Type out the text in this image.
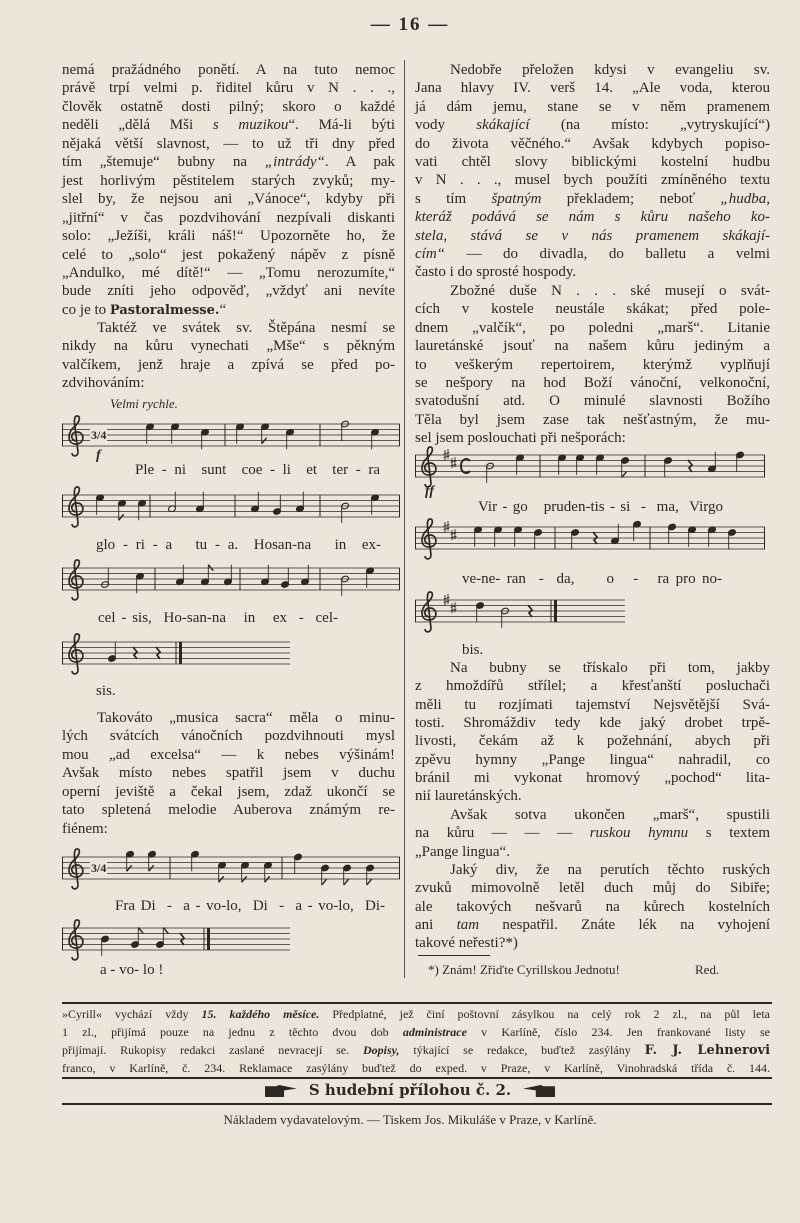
— 16 —
nemá pražádného ponětí. A na tuto nemoc
právě trpí velmi p. řiditel kůru v N . . .,
člověk ostatně dosti pilný; skoro o každé
neděli „dělá Mši s muzikou“. Má-li býti
nějaká větší slavnost, — to už tři dny před
tím „štemuje“ bubny na „intrády“. A pak
jest horlivým pěstitelem starých zvyků; my-
slel by, že nejsou ani „Vánoce“, kdyby při
„jitřní“ v čas pozdvihování nezpívali diskanti
solo: „Ježíši, králi náš!“ Upozorněte ho, že
celé to „solo“ jest pokažený nápěv z písně
„Andulko, mé dítě!“ — „Tomu nerozumíte,“
bude zníti jeho odpověď, „vždyť ani nevíte
co je to Pastoralmesse.“
Taktéž ve svátek sv. Štěpána nesmí se
nikdy na kůru vynechati „Mše“ s pěkným
valčíkem, jenž hraje a zpívá se před po-
zdvihováním:
Takováto „musica sacra“ měla o minu-
lých svátcích vánočních pozdvihnouti mysl
mou „ad excelsa“ — k nebes výšinám!
Avšak místo nebes spatřil jsem v duchu
operní jeviště a čekal jsem, zdaž ukončí se
tato spletená melodie Auberova známým re-
fiénem:
Nedobře přeložen kdysi v evangeliu sv.
Jana hlavy IV. verš 14. „Ale voda, kterou
já dám jemu, stane se v něm pramenem
vody skákající (na místo: „vytryskující“)
do života věčného.“ Avšak kdybych popiso-
vati chtěl slovy biblickými kostelní hudbu
v N . . ., musel bych použíti zmíněného textu
s tím špatným překladem; neboť „hudba,
kteráž podává se nám s kůru našeho ko-
stela, stává se v nás pramenem skákají-
cím“ — do divadla, do balletu a velmi
často i do sprosté hospody.
Zbožné duše N . . . ské musejí o svát-
cích v kostele neustále skákat; před pole-
dnem „valčík“, po poledni „marš“. Litanie
lauretánské jsouť na našem kůru jediným a
to veškerým repertoirem, kterýmž vyplňují
se nešpory na hod Boží vánoční, velkonoční,
svatodušní atd. O minulé slavnosti Božího
Těla byl jsem zase tak nešťastným, že mu-
sel jsem poslouchati při nešporách:
Na bubny se třískalo při tom, jakby
z hmoždířů střílel; a křesťanští posluchači
měli tu rozjímati tajemství Nejsvětější Svá-
tosti. Shromáždiv tedy kde jaký drobet trpě-
livosti, čekám až k požehnání, abych při
zpěvu hymny „Pange lingua“ nahradil, co
bránil mi vykonat hromový „pochod“ lita-
nií lauretánských.
Avšak sotva ukončen „marš“, spustili
na kůru — — — ruskou hymnu s textem
„Pange lingua“.
Jaký div, že na perutích těchto ruských
zvuků mimovolně letěl duch můj do Sibiře;
ale takových nešvarů na kůrech kostelních
ani tam nespatřil. Znáte lék na vyhojení
takové neřesti?*)
»Cyrill« vychází vždy 15. každého měsíce. Předplatné, jež činí poštovní zásylkou na celý rok 2 zl., na půl leta
1 zl., přijímá pouze na jednu z těchto dvou dob administrace v Karlíně, číslo 234. Jen frankované listy se
přijímají. Rukopisy redakci zaslané nevracejí se. Dopisy, týkající se redakce, buďtež zasýlány F. J. Lehnerovi
franco, v Karlíně, č. 234. Reklamace zasýlány buďtež do exped. v Praze, v Karlíně, Vinohradská třída č. 144.
Ple - ni  sunt  coe - li  et  ter - ra
glo - ri - a   tu - a.  Hosan-na   in  ex-
cel - sis,  Ho-san-na   in   ex  -  cel-
sis.
Fra Di  -  a - vo-lo,  Di  -  a - vo-lo,  Di-
a - vo- lo !
Vir - go   pruden-tis - si  -  ma,  Virgo
ve-ne- ran  -  da,     o   -   ra pro no-
bis.
3/4
3/4
Velmi rychle.
f
ff
*) Znám! Zřiďte Cyrillskou Jednotu!	Red.
S hudební přílohou č. 2.
Nákladem vydavatelovým. — Tiskem Jos. Mikuláše v Praze, v Karlíně.
